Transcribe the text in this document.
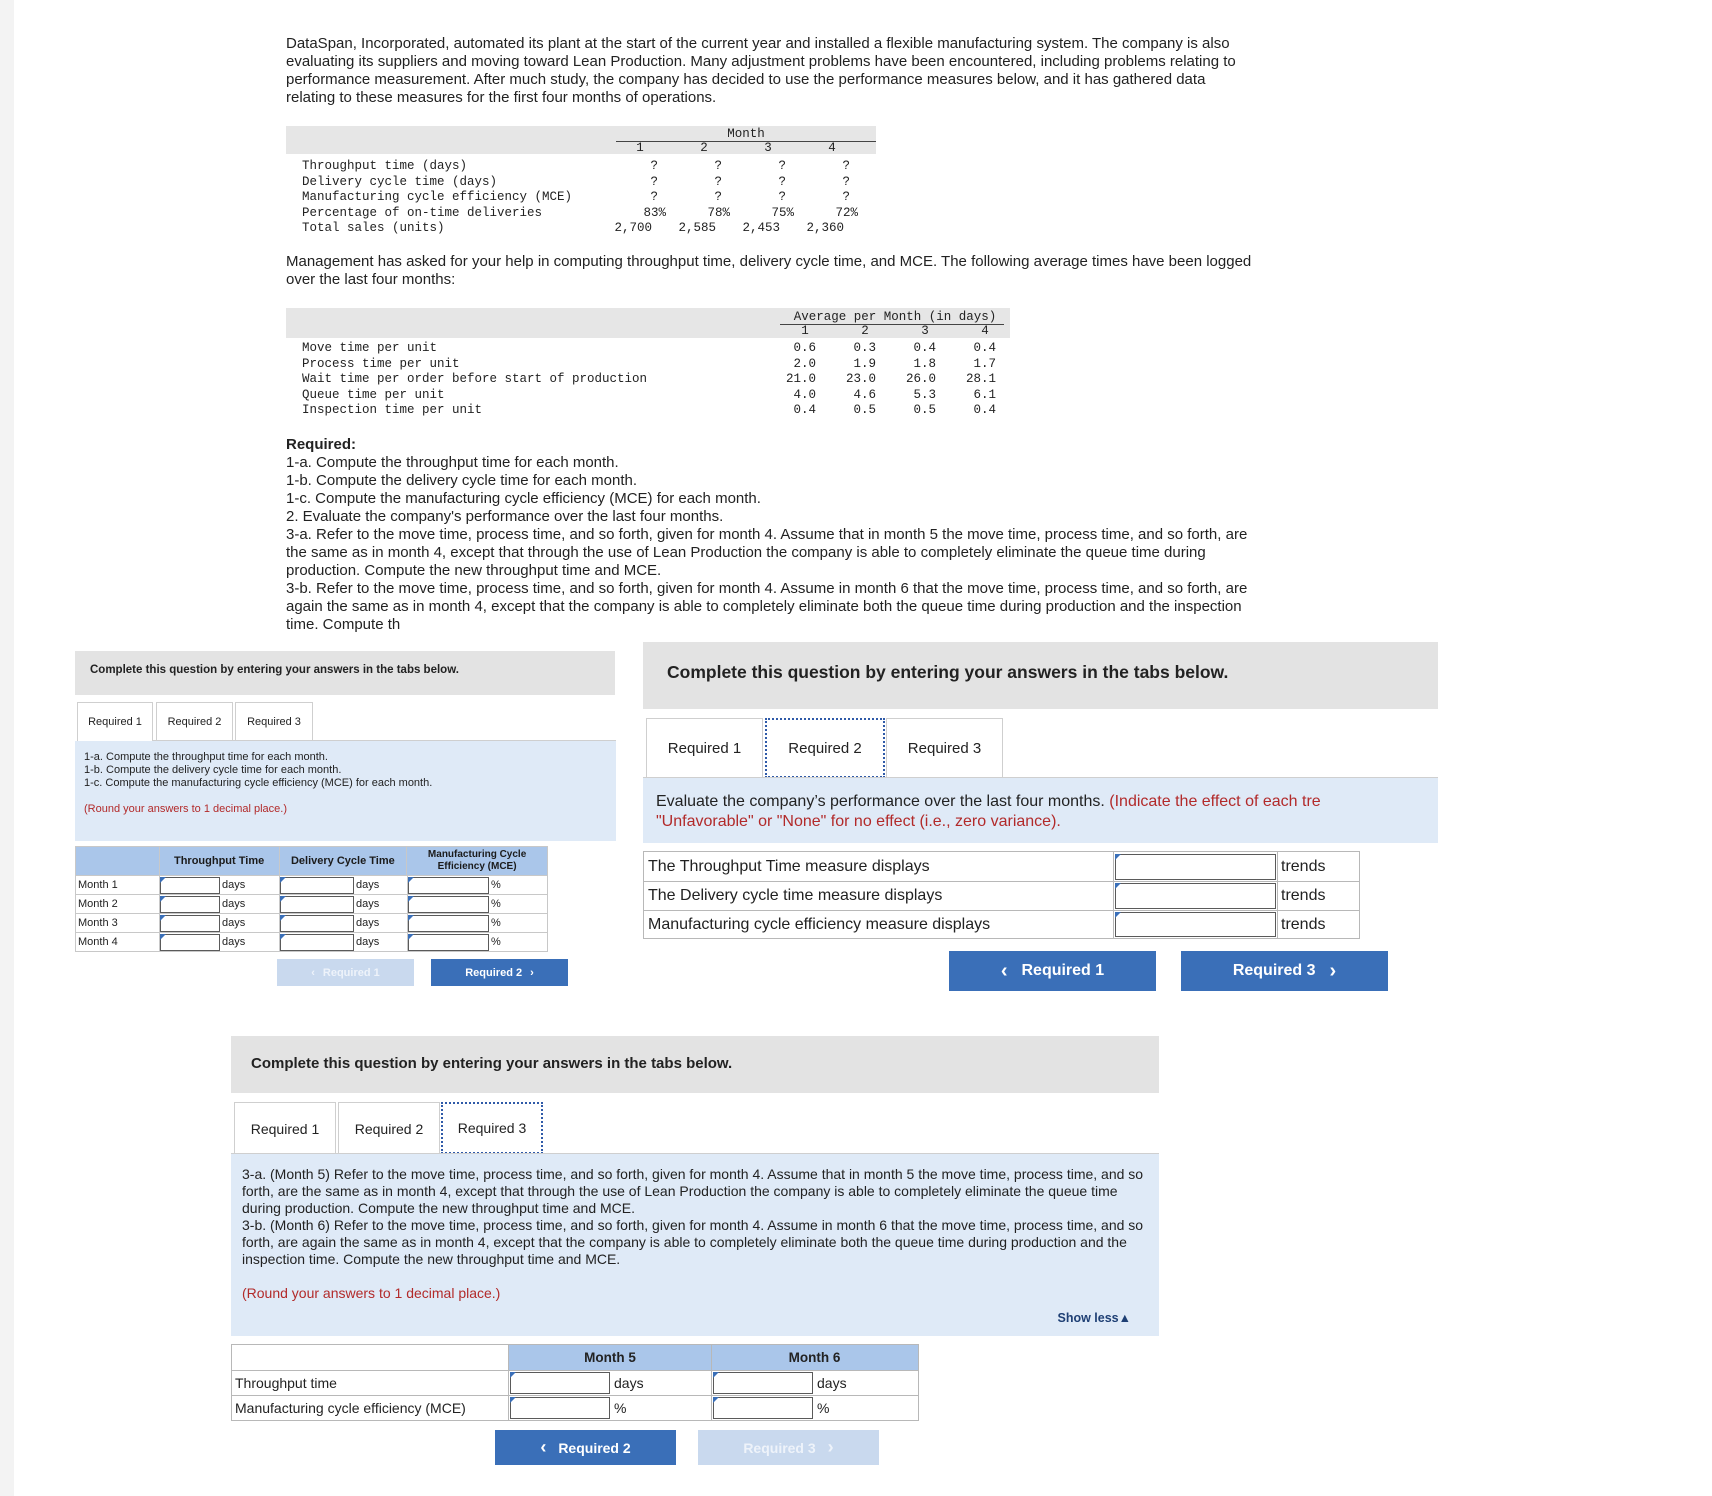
DataSpan, Incorporated, automated its plant at the start of the current year and installed a flexible manufacturing system. The company is also evaluating its suppliers and moving toward Lean Production. Many adjustment problems have been encountered, including problems relating to performance measurement. After much study, the company has decided to use the performance measures below, and it has gathered data relating to these measures for the first four months of operations.
Month
1	2	3	4
Throughput time (days)	?	?	?	?
Delivery cycle time (days)	?	?	?	?
Manufacturing cycle efficiency (MCE)	?	?	?	?
Percentage of on-time deliveries	83%	78%	75%	72%
Total sales (units)	2,700	2,585	2,453	2,360
Management has asked for your help in computing throughput time, delivery cycle time, and MCE. The following average times have been logged over the last four months:
Average per Month (in days)
1	2	3	4
Move time per unit	0.6	0.3	0.4	0.4
Process time per unit	2.0	1.9	1.8	1.7
Wait time per order before start of production	21.0	23.0	26.0	28.1
Queue time per unit	4.0	4.6	5.3	6.1
Inspection time per unit	0.4	0.5	0.5	0.4
Required:
1-a. Compute the throughput time for each month.
1-b. Compute the delivery cycle time for each month.
1-c. Compute the manufacturing cycle efficiency (MCE) for each month.
2. Evaluate the company's performance over the last four months.
3-a. Refer to the move time, process time, and so forth, given for month 4. Assume that in month 5 the move time, process time, and so forth, are the same as in month 4, except that through the use of Lean Production the company is able to completely eliminate the queue time during production. Compute the new throughput time and MCE.
3-b. Refer to the move time, process time, and so forth, given for month 4. Assume in month 6 that the move time, process time, and so forth, are again the same as in month 4, except that the company is able to completely eliminate both the queue time during production and the inspection time. Compute th
Complete this question by entering your answers in the tabs below.
Required 1	Required 2	Required 3
1-a. Compute the throughput time for each month.
1-b. Compute the delivery cycle time for each month.
1-c. Compute the manufacturing cycle efficiency (MCE) for each month.
(Round your answers to 1 decimal place.)
	Throughput Time	Delivery Cycle Time	Manufacturing Cycle Efficiency (MCE)
Month 1	days	days	%
Month 2	days	days	%
Month 3	days	days	%
Month 4	days	days	%
‹ Required 1	Required 2 ›
Complete this question by entering your answers in the tabs below.
Required 1	Required 2	Required 3
Evaluate the company’s performance over the last four months. (Indicate the effect of each tre
"Unfavorable" or "None" for no effect (i.e., zero variance).
The Throughput Time measure displays	trends
The Delivery cycle time measure displays	trends
Manufacturing cycle efficiency measure displays	trends
‹ Required 1	Required 3 ›
Complete this question by entering your answers in the tabs below.
Required 1	Required 2	Required 3
3-a. (Month 5) Refer to the move time, process time, and so forth, given for month 4. Assume that in month 5 the move time, process time, and so forth, are the same as in month 4, except that through the use of Lean Production the company is able to completely eliminate the queue time during production. Compute the new throughput time and MCE.
3-b. (Month 6) Refer to the move time, process time, and so forth, given for month 4. Assume in month 6 that the move time, process time, and so forth, are again the same as in month 4, except that the company is able to completely eliminate both the queue time during production and the inspection time. Compute the new throughput time and MCE.
(Round your answers to 1 decimal place.)
Show less▲
Month 5	Month 6
Throughput time	days	days
Manufacturing cycle efficiency (MCE)	%	%
‹ Required 2	Required 3 ›
